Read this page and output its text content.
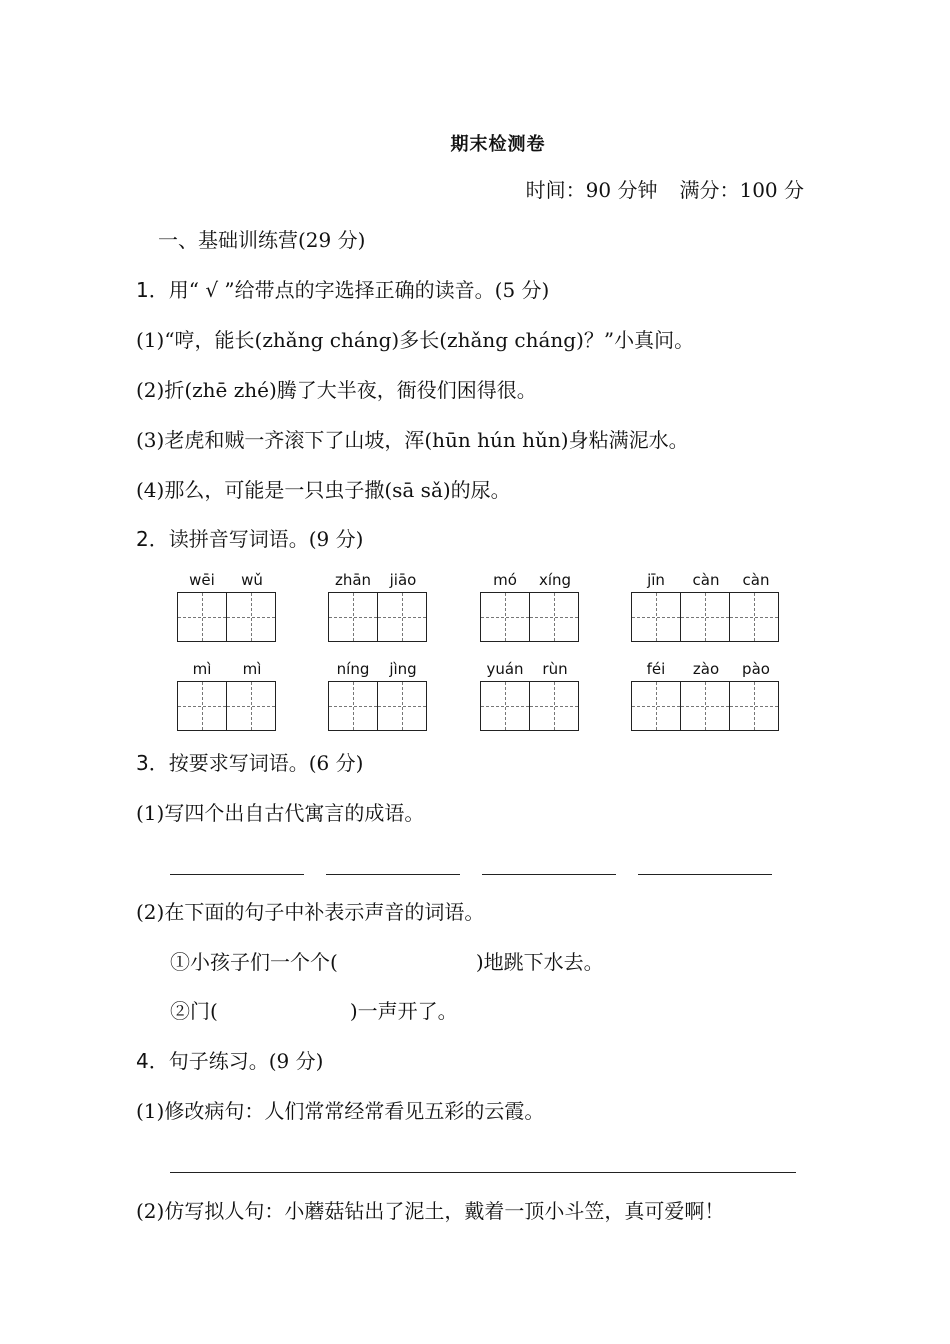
期末检测卷
时间：90 分钟 满分：100 分
一、基础训练营(29 分)
1．用“ √ ”给带点的字选择正确的读音。(5 分)
(1)“哼，能长(zhǎng cháng)多长(zhǎng cháng)？”小真问。
(2)折(zhē zhé)腾了大半夜，衙役们困得很。
(3)老虎和贼一齐滚下了山坡，浑(hūn hún hǔn)身粘满泥水。
(4)那么，可能是一只虫子撒(sā sǎ)的尿。
2．读拼音写词语。(9 分)
wēi	wǔ	zhān	jiāo	mó	xíng	jīn	càn	càn
mì	mì	níng	jìng	yuán	rùn	féi	zào	pào
3．按要求写词语。(6 分)
(1)写四个出自古代寓言的成语。
(2)在下面的句子中补表示声音的词语。
①小孩子们一个个(	)地跳下水去。
②门(	)一声开了。
4．句子练习。(9 分)
(1)修改病句：人们常常经常看见五彩的云霞。
(2)仿写拟人句：小蘑菇钻出了泥土，戴着一顶小斗笠，真可爱啊！
